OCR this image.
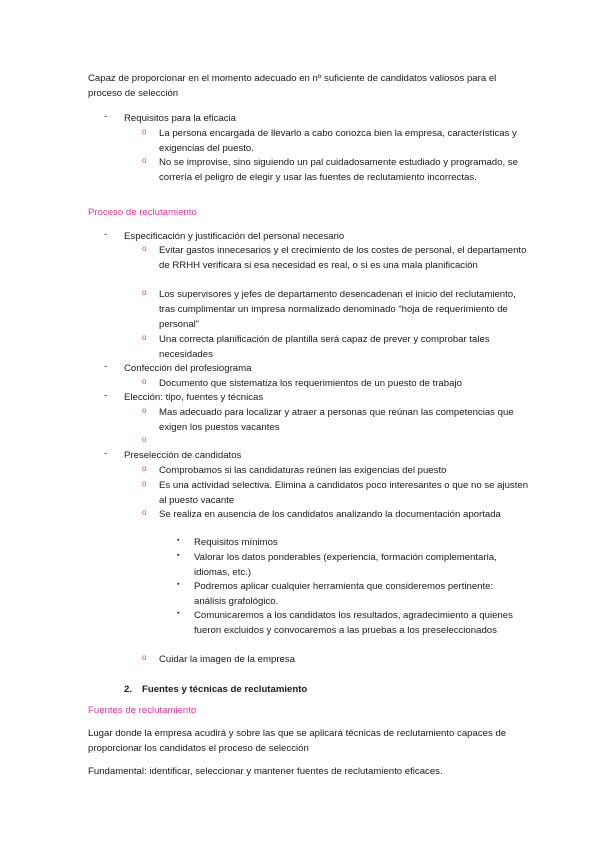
Capaz de proporcionar en el momento adecuado en nº suficiente de candidatos valiosos para el proceso de selección

- Requisitos para la eficacia

o La persona encargada de llevarlo a cabo conozca bien la empresa, características y exigencias del puesto.

o No se improvise, sino siguiendo un pal cuidadosamente estudiado y programado, se correría el peligro de elegir y usar las fuentes de reclutamiento incorrectas.

Proceso de reclutamiento

- Especificación y justificación del personal necesario

o Evitar gastos innecesarios y el crecimiento de los costes de personal, el departamento de RRHH verificara si esa necesidad es real, o si es una mala planificación

o Los supervisores y jefes de departamento desencadenan el inicio del reclutamiento, tras cumplimentar un impresa normalizado denominado “hoja de requerimiento de personal”

o Una correcta planificación de plantilla será capaz de prever y comprobar tales necesidades

- Confección del profesiograma

o Documento que sistematiza los requerimientos de un puesto de trabajo

- Elección: tipo, fuentes y técnicas

o Mas adecuado para localizar y atraer a personas que reúnan las competencias que exigen los puestos vacantes

o

- Preselección de candidatos

o Comprobamos si las candidaturas reúnen las exigencias del puesto

o Es una actividad selectiva. Elimina a candidatos poco interesantes o que no se ajusten al puesto vacante

o Se realiza en ausencia de los candidatos analizando la documentación aportada

▪ Requisitos mínimos

▪ Valorar los datos ponderables (experiencia, formación complementaria, idiomas, etc.)

▪ Podremos aplicar cualquier herramienta que consideremos pertinente: análisis grafológico.

▪ Comunicaremos a los candidatos los resultados, agradecimiento a quienes fueron excluidos y convocaremos a las pruebas a los preseleccionados

o Cuidar la imagen de la empresa

2. Fuentes y técnicas de reclutamiento

Fuentes de reclutamiento

Lugar donde la empresa acudirá y sobre las que se aplicará técnicas de reclutamiento capaces de proporcionar los candidatos el proceso de selección

Fundamental: identificar, seleccionar y mantener fuentes de reclutamiento eficaces.
